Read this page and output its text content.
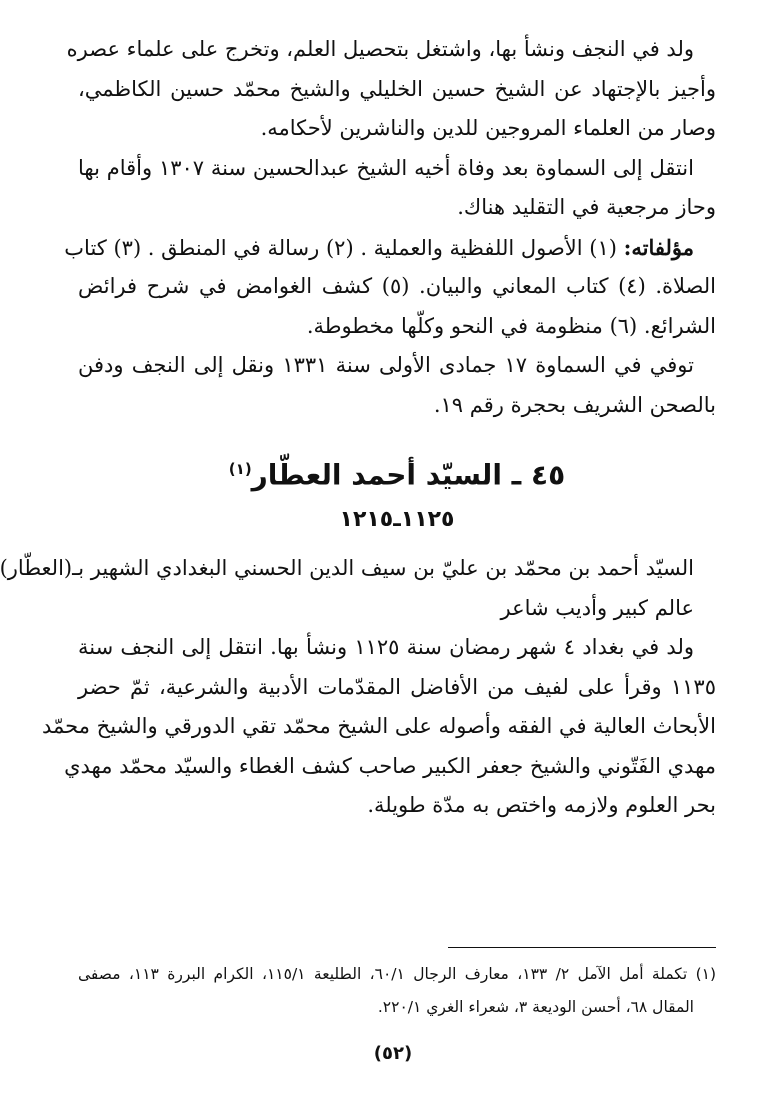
ولد في النجف ونشأ بها، واشتغل بتحصيل العلم، وتخرج على علماء عصره
وأجيز بالإجتهاد عن الشيخ حسين الخليلي والشيخ محمّد حسين الكاظمي،
وصار من العلماء المروجين للدين والناشرين لأحكامه.
انتقل إلى السماوة بعد وفاة أخيه الشيخ عبدالحسين سنة ١٣٠٧ وأقام بها
وحاز مرجعية في التقليد هناك.
مؤلفاته: (١) الأصول اللفظية والعملية . (٢) رسالة في المنطق . (٣) كتاب
الصلاة. (٤) كتاب المعاني والبيان. (٥) كشف الغوامض في شرح فرائض
الشرائع. (٦) منظومة في النحو وكلّها مخطوطة.
توفي في السماوة ١٧ جمادى الأولى سنة ١٣٣١ ونقل إلى النجف ودفن
بالصحن الشريف بحجرة رقم ١٩.
٤٥ ـ السيّد أحمد العطّار$^{(١)}$
١١٢٥ـ١٢١٥
السيّد أحمد بن محمّد بن عليّ بن سيف الدين الحسني البغدادي الشهير بـ(العطّار)
عالم كبير وأديب شاعر
ولد في بغداد ٤ شهر رمضان سنة ١١٢٥ ونشأ بها. انتقل إلى النجف سنة
١١٣٥ وقرأ على لفيف من الأفاضل المقدّمات الأدبية والشرعية، ثمّ حضر
الأبحاث العالية في الفقه وأصوله على الشيخ محمّد تقي الدورقي والشيخ محمّد
مهدي الفَتّوني والشيخ جعفر الكبير صاحب كشف الغطاء والسيّد محمّد مهدي
بحر العلوم ولازمه واختص به مدّة طويلة.
(١) تكملة أمل الآمل ٢/ ١٣٣، معارف الرجال ٦٠/١، الطليعة ١١٥/١، الكرام البررة ١١٣، مصفى
المقال ٦٨، أحسن الوديعة ٣، شعراء الغري ٢٢٠/١.
(٥٢)
